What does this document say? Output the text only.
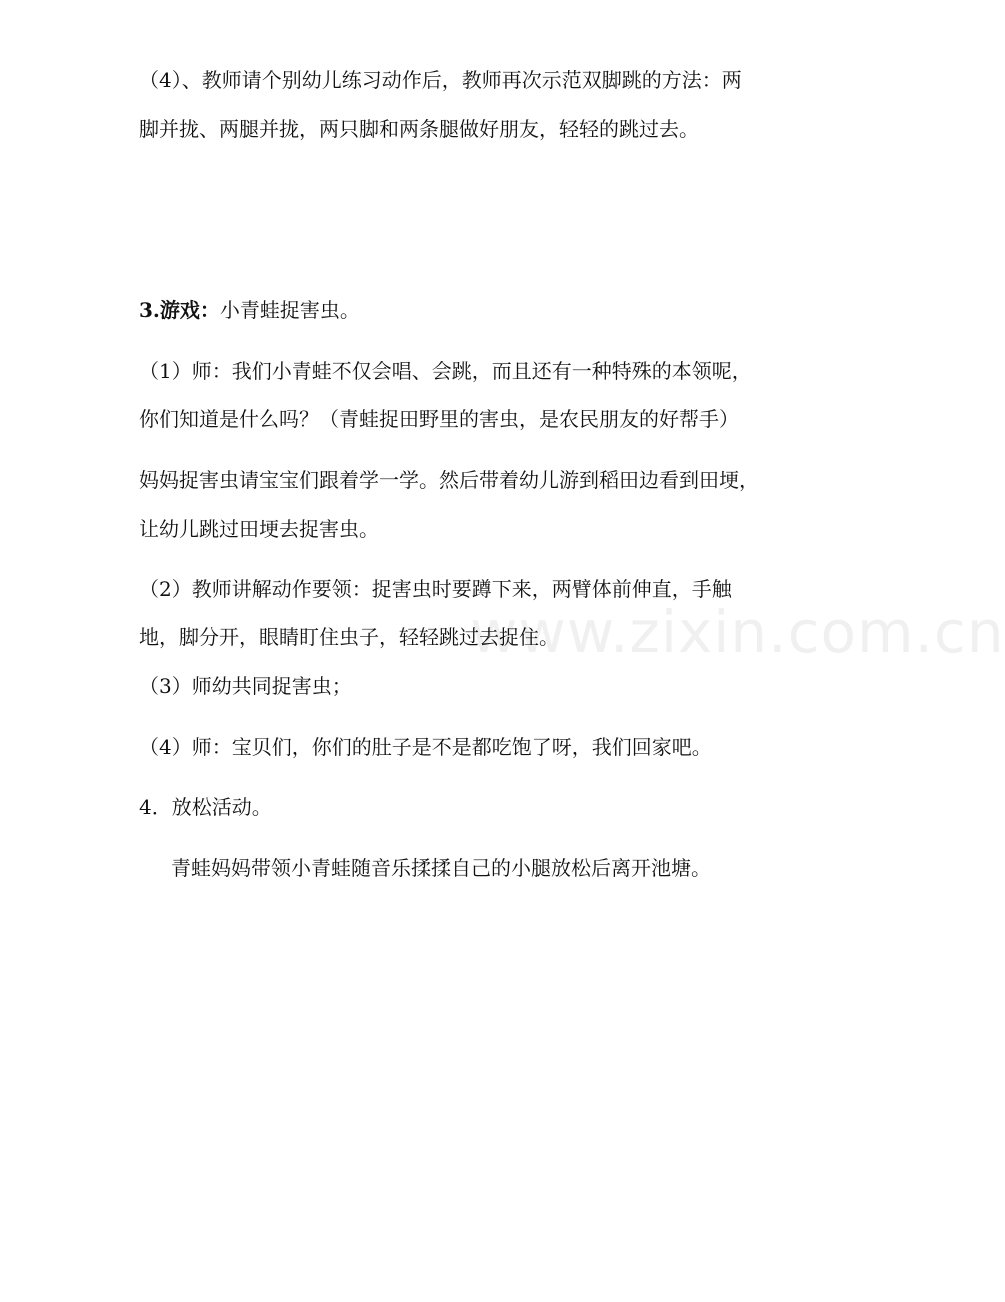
（4）、教师请个别幼儿练习动作后，教师再次示范双脚跳的方法：两
脚并拢、两腿并拢，两只脚和两条腿做好朋友，轻轻的跳过去。
3.游戏：小青蛙捉害虫。
（1）师：我们小青蛙不仅会唱、会跳，而且还有一种特殊的本领呢，
你们知道是什么吗？（青蛙捉田野里的害虫，是农民朋友的好帮手）
妈妈捉害虫请宝宝们跟着学一学。然后带着幼儿游到稻田边看到田埂，
让幼儿跳过田埂去捉害虫。
（2）教师讲解动作要领：捉害虫时要蹲下来，两臂体前伸直，手触
地，脚分开，眼睛盯住虫子，轻轻跳过去捉住。
（3）师幼共同捉害虫；
（4）师：宝贝们，你们的肚子是不是都吃饱了呀，我们回家吧。
4．放松活动。
青蛙妈妈带领小青蛙随音乐揉揉自己的小腿放松后离开池塘。
www.zixin.com.cn
